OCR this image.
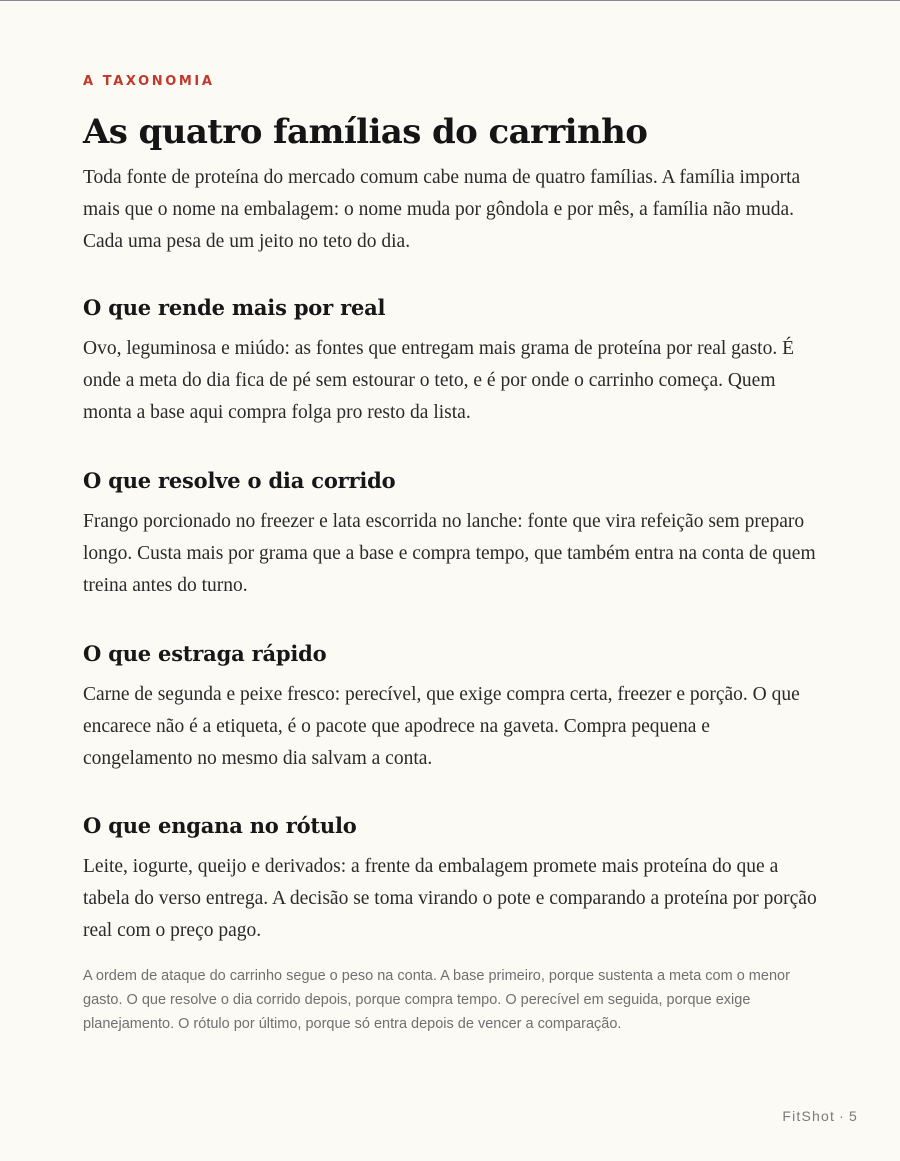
A TAXONOMIA
As quatro famílias do carrinho

Toda fonte de proteína do mercado comum cabe numa de quatro famílias. A família importa mais que o nome na embalagem: o nome muda por gôndola e por mês, a família não muda. Cada uma pesa de um jeito no teto do dia.

O que rende mais por real

Ovo, leguminosa e miúdo: as fontes que entregam mais grama de proteína por real gasto. É onde a meta do dia fica de pé sem estourar o teto, e é por onde o carrinho começa. Quem monta a base aqui compra folga pro resto da lista.

O que resolve o dia corrido

Frango porcionado no freezer e lata escorrida no lanche: fonte que vira refeição sem preparo longo. Custa mais por grama que a base e compra tempo, que também entra na conta de quem treina antes do turno.

O que estraga rápido

Carne de segunda e peixe fresco: perecível, que exige compra certa, freezer e porção. O que encarece não é a etiqueta, é o pacote que apodrece na gaveta. Compra pequena e congelamento no mesmo dia salvam a conta.

O que engana no rótulo

Leite, iogurte, queijo e derivados: a frente da embalagem promete mais proteína do que a tabela do verso entrega. A decisão se toma virando o pote e comparando a proteína por porção real com o preço pago.

A ordem de ataque do carrinho segue o peso na conta. A base primeiro, porque sustenta a meta com o menor gasto. O que resolve o dia corrido depois, porque compra tempo. O perecível em seguida, porque exige planejamento. O rótulo por último, porque só entra depois de vencer a comparação.

FitShot · 5
